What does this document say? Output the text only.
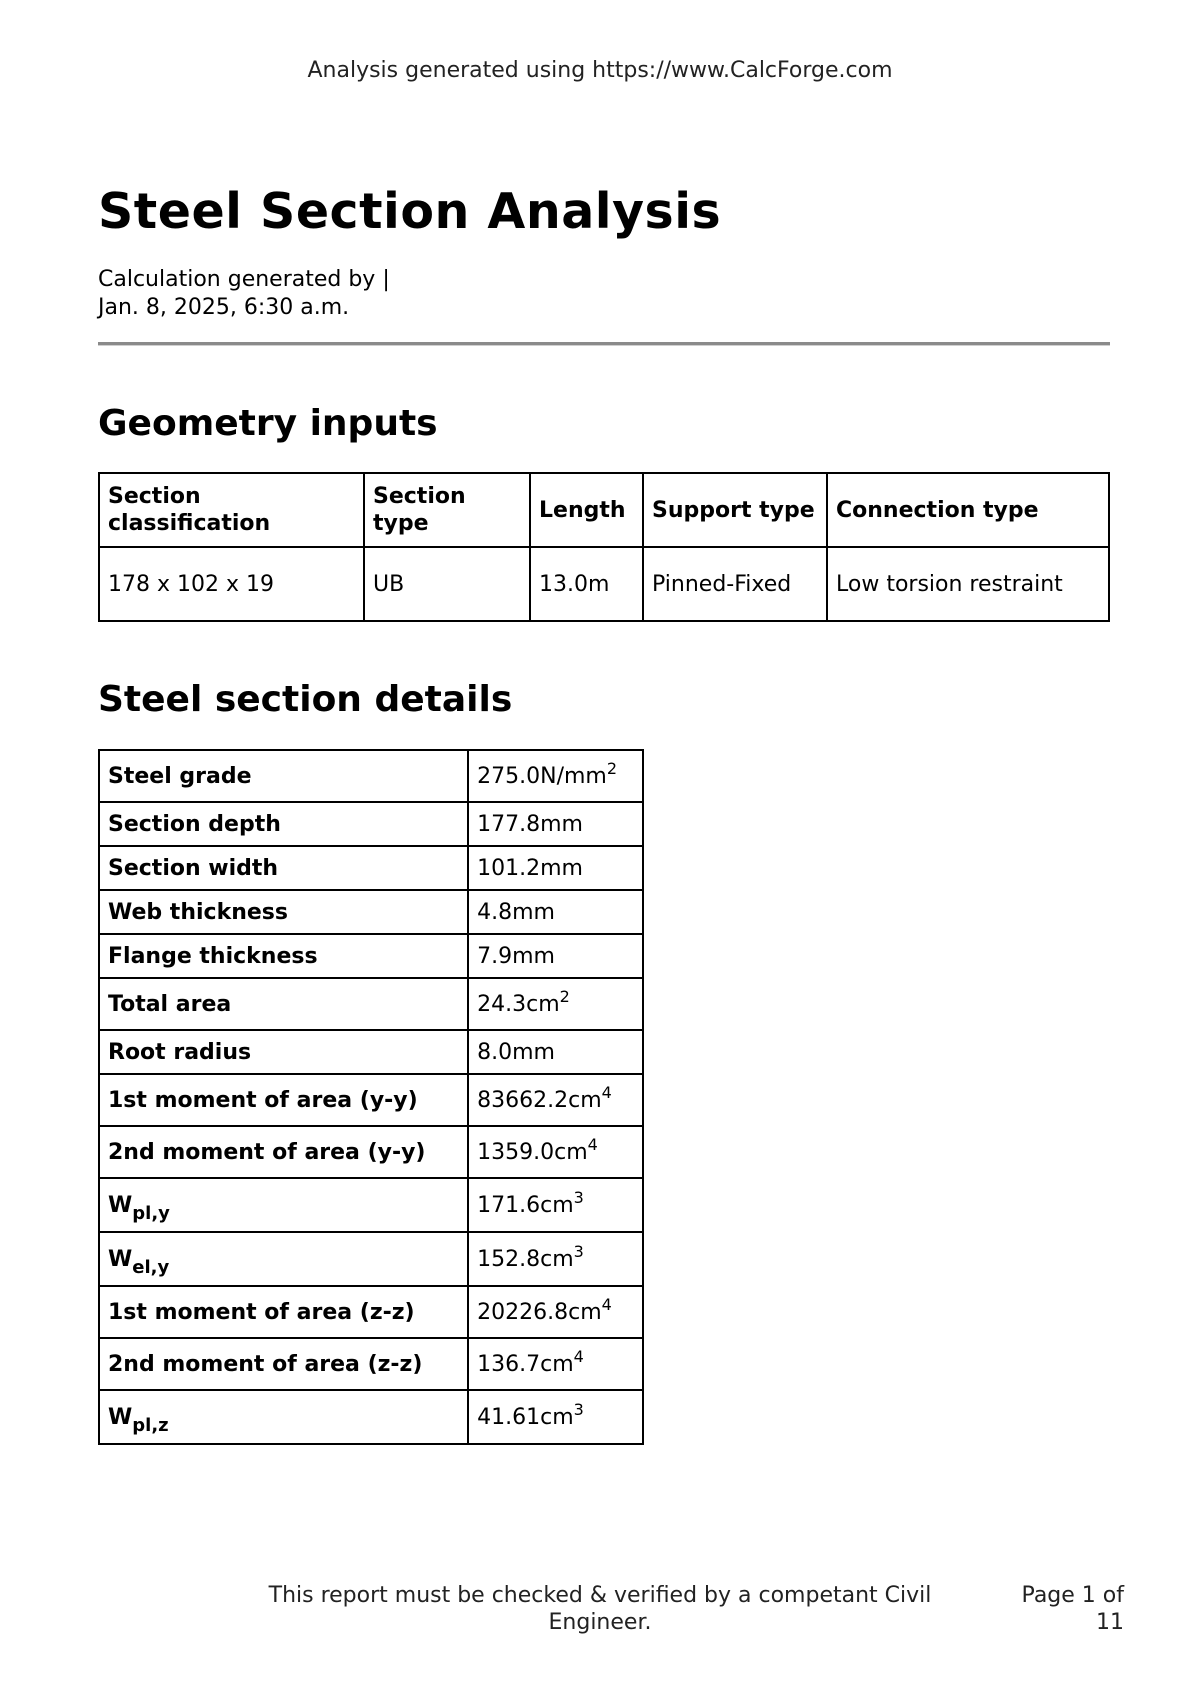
Analysis generated using https://www.CalcForge.com
Steel Section Analysis
Calculation generated by |
Jan. 8, 2025, 6:30 a.m.
Geometry inputs
Section classification	Section type	Length	Support type	Connection type
178 x 102 x 19	UB	13.0m	Pinned-Fixed	Low torsion restraint
Steel section details
Steel grade	$275.0N/mm^2$
Section depth	177.8mm
Section width	101.2mm
Web thickness	4.8mm
Flange thickness	7.9mm
Total area	$24.3cm^2$
Root radius	8.0mm
1st moment of area (y-y)	$83662.2cm^4$
2nd moment of area (y-y)	$1359.0cm^4$
$W_{pl,y}$	$171.6cm^3$
$W_{el,y}$	$152.8cm^3$
1st moment of area (z-z)	$20226.8cm^4$
2nd moment of area (z-z)	$136.7cm^4$
$W_{pl,z}$	$41.61cm^3$
This report must be checked & verified by a competant Civil Engineer.
Page 1 of 11
